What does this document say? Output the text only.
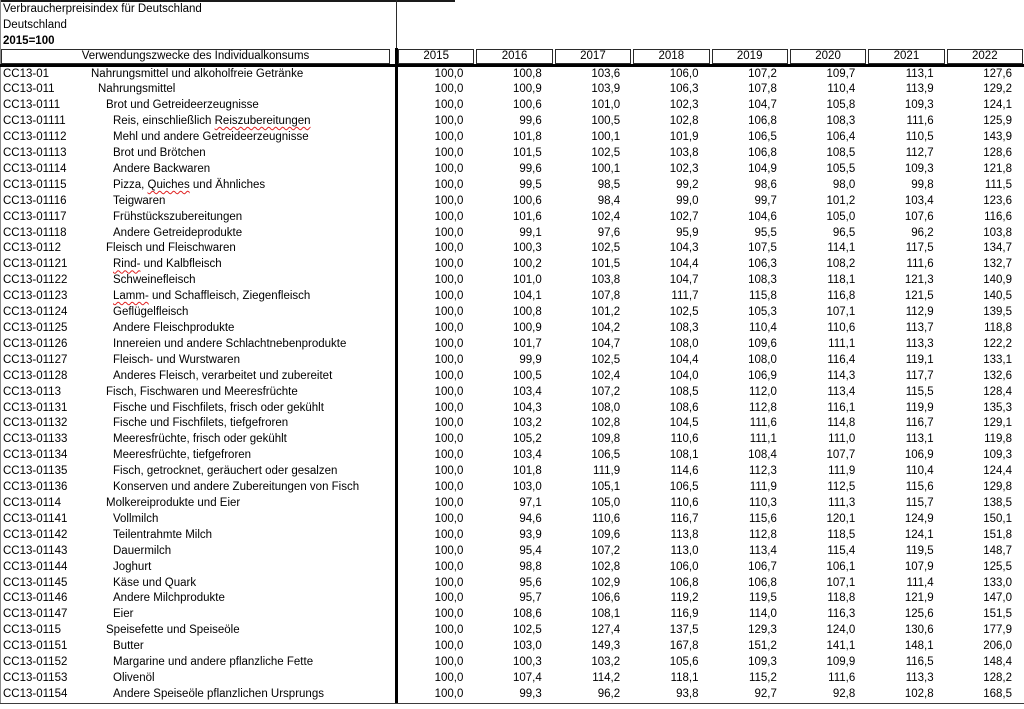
Verbraucherpreisindex für Deutschland
Deutschland
2015=100
Verwendungszwecke des Individualkonsums	2015	2016	2017	2018	2019	2020	2021	2022
CC13-01	Nahrungsmittel und alkoholfreie Getränke	100,0	100,8	103,6	106,0	107,2	109,7	113,1	127,6
CC13-011	Nahrungsmittel	100,0	100,9	103,9	106,3	107,8	110,4	113,9	129,2
CC13-0111	Brot und Getreideerzeugnisse	100,0	100,6	101,0	102,3	104,7	105,8	109,3	124,1
CC13-01111	Reis, einschließlich Reiszubereitungen	100,0	99,6	100,5	102,8	106,8	108,3	111,6	125,9
CC13-01112	Mehl und andere Getreideerzeugnisse	100,0	101,8	100,1	101,9	106,5	106,4	110,5	143,9
CC13-01113	Brot und Brötchen	100,0	101,5	102,5	103,8	106,8	108,5	112,7	128,6
CC13-01114	Andere Backwaren	100,0	99,6	100,1	102,3	104,9	105,5	109,3	121,8
CC13-01115	Pizza, Quiches und Ähnliches	100,0	99,5	98,5	99,2	98,6	98,0	99,8	111,5
CC13-01116	Teigwaren	100,0	100,6	98,4	99,0	99,7	101,2	103,4	123,6
CC13-01117	Frühstückszubereitungen	100,0	101,6	102,4	102,7	104,6	105,0	107,6	116,6
CC13-01118	Andere Getreideprodukte	100,0	99,1	97,6	95,9	95,5	96,5	96,2	103,8
CC13-0112	Fleisch und Fleischwaren	100,0	100,3	102,5	104,3	107,5	114,1	117,5	134,7
CC13-01121	Rind- und Kalbfleisch	100,0	100,2	101,5	104,4	106,3	108,2	111,6	132,7
CC13-01122	Schweinefleisch	100,0	101,0	103,8	104,7	108,3	118,1	121,3	140,9
CC13-01123	Lamm- und Schaffleisch, Ziegenfleisch	100,0	104,1	107,8	111,7	115,8	116,8	121,5	140,5
CC13-01124	Geflügelfleisch	100,0	100,8	101,2	102,5	105,3	107,1	112,9	139,5
CC13-01125	Andere Fleischprodukte	100,0	100,9	104,2	108,3	110,4	110,6	113,7	118,8
CC13-01126	Innereien und andere Schlachtnebenprodukte	100,0	101,7	104,7	108,0	109,6	111,1	113,3	122,2
CC13-01127	Fleisch- und Wurstwaren	100,0	99,9	102,5	104,4	108,0	116,4	119,1	133,1
CC13-01128	Anderes Fleisch, verarbeitet und zubereitet	100,0	100,5	102,4	104,0	106,9	114,3	117,7	132,6
CC13-0113	Fisch, Fischwaren und Meeresfrüchte	100,0	103,4	107,2	108,5	112,0	113,4	115,5	128,4
CC13-01131	Fische und Fischfilets, frisch oder gekühlt	100,0	104,3	108,0	108,6	112,8	116,1	119,9	135,3
CC13-01132	Fische und Fischfilets, tiefgefroren	100,0	103,2	102,8	104,5	111,6	114,8	116,7	129,1
CC13-01133	Meeresfrüchte, frisch oder gekühlt	100,0	105,2	109,8	110,6	111,1	111,0	113,1	119,8
CC13-01134	Meeresfrüchte, tiefgefroren	100,0	103,4	106,5	108,1	108,4	107,7	106,9	109,3
CC13-01135	Fisch, getrocknet, geräuchert oder gesalzen	100,0	101,8	111,9	114,6	112,3	111,9	110,4	124,4
CC13-01136	Konserven und andere Zubereitungen von Fisch	100,0	103,0	105,1	106,5	111,9	112,5	115,6	129,8
CC13-0114	Molkereiprodukte und Eier	100,0	97,1	105,0	110,6	110,3	111,3	115,7	138,5
CC13-01141	Vollmilch	100,0	94,6	110,6	116,7	115,6	120,1	124,9	150,1
CC13-01142	Teilentrahmte Milch	100,0	93,9	109,6	113,8	112,8	118,5	124,1	151,8
CC13-01143	Dauermilch	100,0	95,4	107,2	113,0	113,4	115,4	119,5	148,7
CC13-01144	Joghurt	100,0	98,8	102,8	106,0	106,7	106,1	107,9	125,5
CC13-01145	Käse und Quark	100,0	95,6	102,9	106,8	106,8	107,1	111,4	133,0
CC13-01146	Andere Milchprodukte	100,0	95,7	106,6	119,2	119,5	118,8	121,9	147,0
CC13-01147	Eier	100,0	108,6	108,1	116,9	114,0	116,3	125,6	151,5
CC13-0115	Speisefette und Speiseöle	100,0	102,5	127,4	137,5	129,3	124,0	130,6	177,9
CC13-01151	Butter	100,0	103,0	149,3	167,8	151,2	141,1	148,1	206,0
CC13-01152	Margarine und andere pflanzliche Fette	100,0	100,3	103,2	105,6	109,3	109,9	116,5	148,4
CC13-01153	Olivenöl	100,0	107,4	114,2	118,1	115,2	111,6	113,3	128,2
CC13-01154	Andere Speiseöle pflanzlichen Ursprungs	100,0	99,3	96,2	93,8	92,7	92,8	102,8	168,5
